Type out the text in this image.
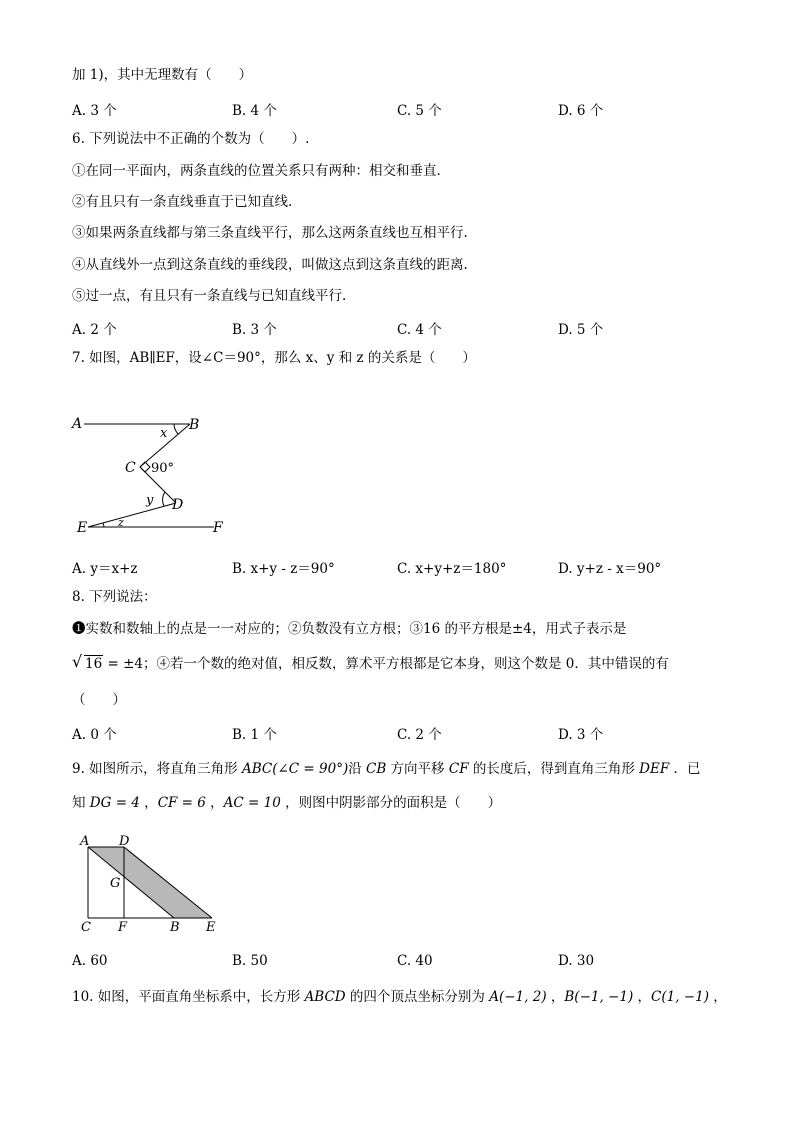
加 1)，其中无理数有（　　）
A. 3 个	B. 4 个	C. 5 个	D. 6 个
6. 下列说法中不正确的个数为（　　）.
①在同一平面内，两条直线的位置关系只有两种：相交和垂直.
②有且只有一条直线垂直于已知直线.
③如果两条直线都与第三条直线平行，那么这两条直线也互相平行.
④从直线外一点到这条直线的垂线段，叫做这点到这条直线的距离.
⑤过一点，有且只有一条直线与已知直线平行.
A. 2 个	B. 3 个	C. 4 个	D. 5 个
7. 如图，AB∥EF，设∠C＝90°，那么 x、y 和 z 的关系是（　　）
A	B
x
C 90°
y D
E	z	F
A. y＝x+z	B. x+y - z＝90°	C. x+y+z＝180°	D. y+z - x＝90°
8. 下列说法：
❶实数和数轴上的点是一一对应的；②负数没有立方根；③16 的平方根是±4，用式子表示是
√ 16 = ±4；④若一个数的绝对值，相反数，算术平方根都是它本身，则这个数是 0．其中错误的有
（　　）
A. 0 个	B. 1 个	C. 2 个	D. 3 个
9. 如图所示，将直角三角形 ABC(∠C = 90°)沿 CB 方向平移 CF 的长度后，得到直角三角形 DEF ．已
知 DG = 4 ，CF = 6 ，AC = 10 ，则图中阴影部分的面积是（　　）
A D
G
C F	B E
A. 60	B. 50	C. 40	D. 30
10. 如图，平面直角坐标系中，长方形 ABCD 的四个顶点坐标分别为 A(−1, 2) ，B(−1, −1) ，C(1, −1) ，
